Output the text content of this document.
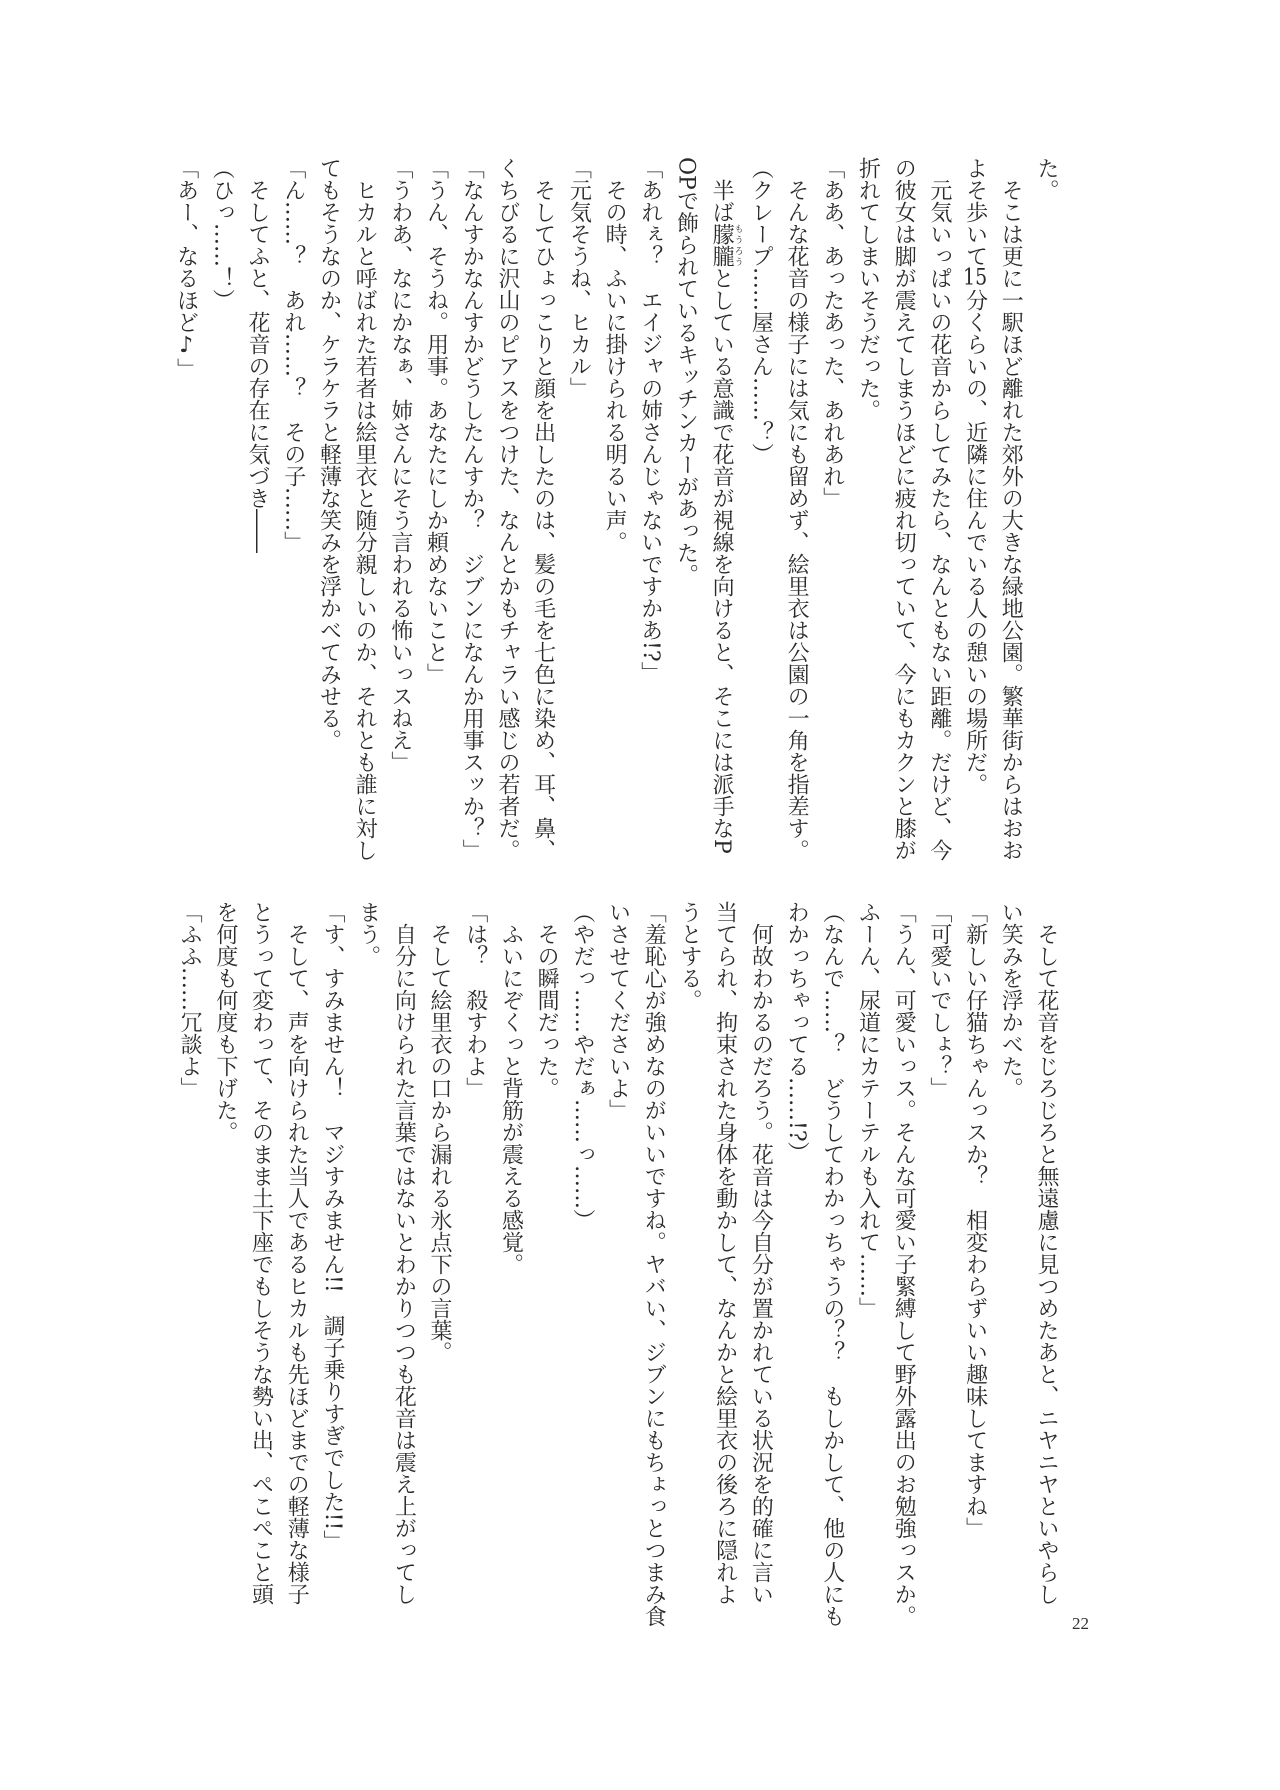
た。
　そこは更に一駅ほど離れた郊外の大きな緑地公園。繁華街からはおお
よそ歩いて15分くらいの、近隣に住んでいる人の憩いの場所だ。
　元気いっぱいの花音からしてみたら、なんともない距離。だけど、今
の彼女は脚が震えてしまうほどに疲れ切っていて、今にもカクンと膝が
折れてしまいそうだった。
「ああ、あったあった、あれあれ」
　そんな花音の様子には気にも留めず、絵里衣は公園の一角を指差す。
（クレープ……屋さん……？）
　半ば朦朧もうろうとしている意識で花音が視線を向けると、そこには派手なP
OPで飾られているキッチンカーがあった。
「あれぇ？　エイジャの姉さんじゃないですかあ!?」
　その時、ふいに掛けられる明るい声。
「元気そうね、ヒカル」
　そしてひょっこりと顔を出したのは、髪の毛を七色に染め、耳、鼻、
くちびるに沢山のピアスをつけた、なんとかもチャラい感じの若者だ。
「なんすかなんすかどうしたんすか？　ジブンになんか用事スッか？」
「うん、そうね。用事。あなたにしか頼めないこと」
「うわあ、なにかなぁ、姉さんにそう言われる怖いっスねえ」
　ヒカルと呼ばれた若者は絵里衣と随分親しいのか、それとも誰に対し
てもそうなのか、ケラケラと軽薄な笑みを浮かべてみせる。
「ん……？　あれ……？　その子……」
　そしてふと、花音の存在に気づき――
（ひっ……！）
「あー、なるほど♪」
　そして花音をじろじろと無遠慮に見つめたあと、ニヤニヤといやらし
い笑みを浮かべた。
「新しい仔猫ちゃんっスか？　相変わらずいい趣味してますね」
「可愛いでしょ？」
「うん、可愛いっス。そんな可愛い子緊縛して野外露出のお勉強っスか。
ふーん、尿道にカテーテルも入れて……」
（なんで……？　どうしてわかっちゃうの？？　もしかして、他の人にも
わかっちゃってる……!?）
　何故わかるのだろう。花音は今自分が置かれている状況を的確に言い
当てられ、拘束された身体を動かして、なんかと絵里衣の後ろに隠れよ
うとする。
「羞恥心が強めなのがいいですね。ヤバい、ジブンにもちょっとつまみ食
いさせてくださいよ」
（やだっ……やだぁ……っ……）
　その瞬間だった。
　ふいにぞくっと背筋が震える感覚。
「は？　殺すわよ」
　そして絵里衣の口から漏れる氷点下の言葉。
　自分に向けられた言葉ではないとわかりつつも花音は震え上がってし
まう。
「す、すみません！　マジすみません!!　調子乗りすぎでした!!」
　そして、声を向けられた当人であるヒカルも先ほどまでの軽薄な様子
とうって変わって、そのまま土下座でもしそうな勢い出、ぺこぺこと頭
を何度も何度も下げた。
「ふふ……冗談よ」
22
